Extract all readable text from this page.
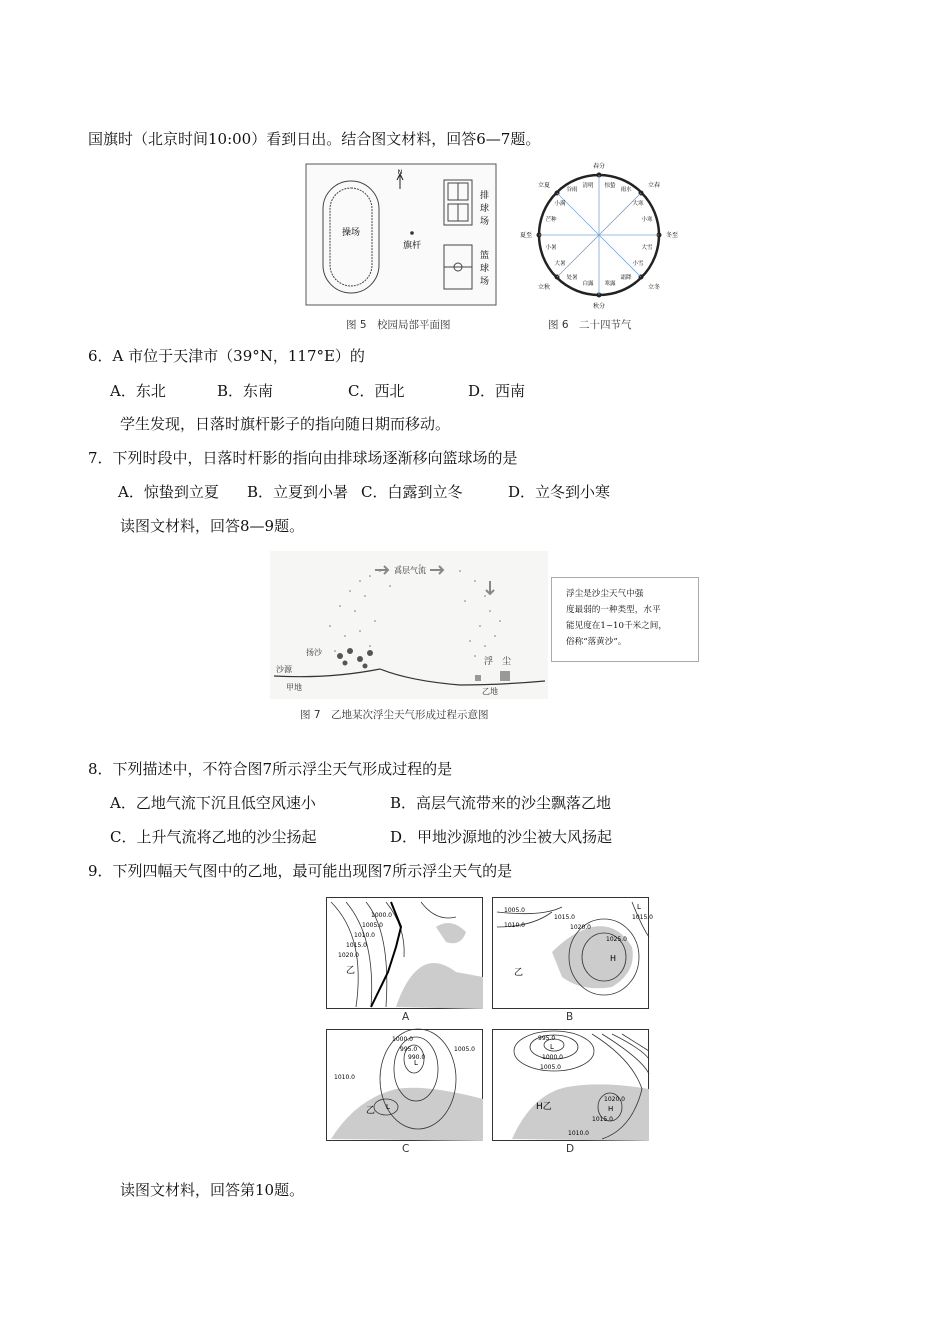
国旗时（北京时间10:00）看到日出。结合图文材料，回答6—7题。
操场
旗杆
N
排
球
场
篮
球
场
图 5　校园局部平面图
春分
秋分
夏至	冬至
立夏	立春
立秋	立冬
清明
谷雨
小满
芒种
小暑
大暑
处暑
白露 寒露
霜降
小雪
大雪
小寒
大寒
雨水
惊蛰
图 6　二十四节气
6．A 市位于天津市（39°N，117°E）的
A．东北	B．东南	C．西北	D．西南
学生发现，日落时旗杆影子的指向随日期而移动。
7．下列时段中，日落时杆影的指向由排球场逐渐移向篮球场的是
A．惊蛰到立夏 B．立夏到小暑 C．白露到立冬	D．立冬到小寒
读图文材料，回答8—9题。
高层气流
沙源
扬沙
甲地
浮　尘
乙地
浮尘是沙尘天气中强
度最弱的一种类型，水平
能见度在1~10千米之间，
俗称“落黄沙”。
图 7　乙地某次浮尘天气形成过程示意图
8．下列描述中，不符合图7所示浮尘天气形成过程的是
A．乙地气流下沉且低空风速小	B．高层气流带来的沙尘飘落乙地
C．上升气流将乙地的沙尘扬起	D．甲地沙源地的沙尘被大风扬起
9．下列四幅天气图中的乙地，最可能出现图7所示浮尘天气的是
1000.0
1005.0
1010.0
1015.0
1020.0
乙
A
1005.0
1010.0
1015.0
1020.0
1025.0
1015.0
乙
H
L
B
1000.0
995.0
990.0
1005.0
1010.0
乙 L
L
C
995.0
1000.0
1005.0
1020.0
1015.0
1010.0
L
H乙	H
D
读图文材料，回答第10题。
